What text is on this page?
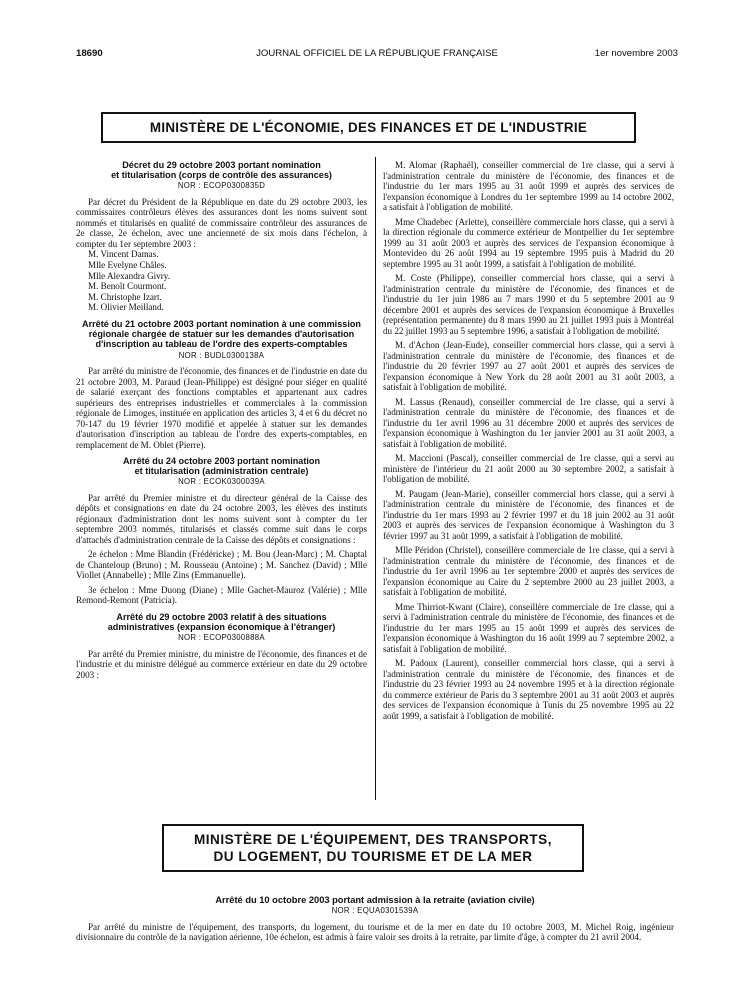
18690	JOURNAL OFFICIEL DE LA RÉPUBLIQUE FRANÇAISE	1er novembre 2003
MINISTÈRE DE L'ÉCONOMIE, DES FINANCES ET DE L'INDUSTRIE

Décret du 29 octobre 2003 portant nomination
et titularisation (corps de contrôle des assurances)

NOR : ECOP0300835D

Par décret du Président de la République en date du 29 octobre 2003, les commissaires contrôleurs élèves des assurances dont les noms suivent sont nommés et titularisés en qualité de commissaire contrôleur des assurances de 2e classe, 2e échelon, avec une ancienneté de six mois dans l'échelon, à compter du 1er septembre 2003 :

M. Vincent Damas.
Mlle Evelyne Châles.
Mlle Alexandra Givry.
M. Benoît Courmont.
M. Christophe Izart.
M. Olivier Meilland.

Arrêté du 21 octobre 2003 portant nomination à une commission régionale chargée de statuer sur les demandes d'autorisation d'inscription au tableau de l'ordre des experts-comptables

NOR : BUDL0300138A

Par arrêté du ministre de l'économie, des finances et de l'industrie en date du 21 octobre 2003, M. Paraud (Jean-Philippe) est désigné pour siéger en qualité de salarié exerçant des fonctions comptables et appartenant aux cadres supérieurs des entreprises industrielles et commerciales à la commission régionale de Limoges, instituée en application des articles 3, 4 et 6 du décret no 70-147 du 19 février 1970 modifié et appelée à statuer sur les demandes d'autorisation d'inscription au tableau de l'ordre des experts-comptables, en remplacement de M. Oblet (Pierre).

Arrêté du 24 octobre 2003 portant nomination
et titularisation (administration centrale)

NOR : ECOK0300039A

Par arrêté du Premier ministre et du directeur général de la Caisse des dépôts et consignations en date du 24 octobre 2003, les élèves des instituts régionaux d'administration dont les noms suivent sont à compter du 1er septembre 2003 nommés, titularisés et classés comme suit dans le corps d'attachés d'administration centrale de la Caisse des dépôts et consignations :

2e échelon : Mme Blandin (Frédéricke) ; M. Bou (Jean-Marc) ; M. Chaptal de Chanteloup (Bruno) ; M. Rousseau (Antoine) ; M. Sanchez (David) ; Mlle Viollet (Annabelle) ; Mlle Zins (Emmanuelle).

3e échelon : Mme Duong (Diane) ; Mlle Gachet-Mauroz (Valérie) ; Mlle Remond-Remont (Patricia).

Arrêté du 29 octobre 2003 relatif à des situations
administratives (expansion économique à l'étranger)

NOR : ECOP0300888A

Par arrêté du Premier ministre, du ministre de l'économie, des finances et de l'industrie et du ministre délégué au commerce extérieur en date du 29 octobre 2003 :

M. Alomar (Raphaël), conseiller commercial de 1re classe, qui a servi à l'administration centrale du ministère de l'économie, des finances et de l'industrie du 1er mars 1995 au 31 août 1999 et auprès des services de l'expansion économique à Londres du 1er septembre 1999 au 14 octobre 2002, a satisfait à l'obligation de mobilité.

Mme Chadebec (Arlette), conseillère commerciale hors classe, qui a servi à la direction régionale du commerce extérieur de Montpellier du 1er septembre 1999 au 31 août 2003 et auprès des services de l'expansion économique à Montevideo du 26 août 1994 au 19 septembre 1995 puis à Madrid du 20 septembre 1995 au 31 août 1999, a satisfait à l'obligation de mobilité.

M. Coste (Philippe), conseiller commercial hors classe, qui a servi à l'administration centrale du ministère de l'économie, des finances et de l'industrie du 1er juin 1986 au 7 mars 1990 et du 5 septembre 2001 au 9 décembre 2001 et auprès des services de l'expansion économique à Bruxelles (représentation permanente) du 8 mars 1990 au 21 juillet 1993 puis à Montréal du 22 juillet 1993 au 5 septembre 1996, a satisfait à l'obligation de mobilité.

M. d'Achon (Jean-Eude), conseiller commercial hors classe, qui a servi à l'administration centrale du ministère de l'économie, des finances et de l'industrie du 20 février 1997 au 27 août 2001 et auprès des services de l'expansion économique à New York du 28 août 2001 au 31 août 2003, a satisfait à l'obligation de mobilité.

M. Lassus (Renaud), conseiller commercial de 1re classe, qui a servi à l'administration centrale du ministère de l'économie, des finances et de l'industrie du 1er avril 1996 au 31 décembre 2000 et auprès des services de l'expansion économique à Washington du 1er janvier 2001 au 31 août 2003, a satisfait à l'obligation de mobilité.

M. Maccioni (Pascal), conseiller commercial de 1re classe, qui a servi au ministère de l'intérieur du 21 août 2000 au 30 septembre 2002, a satisfait à l'obligation de mobilité.

M. Paugam (Jean-Marie), conseiller commercial hors classe, qui a servi à l'administration centrale du ministère de l'économie, des finances et de l'industrie du 1er mars 1993 au 2 février 1997 et du 18 juin 2002 au 31 août 2003 et auprès des services de l'expansion économique à Washington du 3 février 1997 au 31 août 1999, a satisfait à l'obligation de mobilité.

Mlle Péridon (Christel), conseillère commerciale de 1re classe, qui a servi à l'administration centrale du ministère de l'économie, des finances et de l'industrie du 1er avril 1996 au 1er septembre 2000 et auprès des services de l'expansion économique au Caire du 2 septembre 2000 au 23 juillet 2003, a satisfait à l'obligation de mobilité.

Mme Thirriot-Kwant (Claire), conseillère commerciale de 1re classe, qui a servi à l'administration centrale du ministère de l'économie, des finances et de l'industrie du 1er mars 1995 au 15 août 1999 et auprès des services de l'expansion économique à Washington du 16 août 1999 au 7 septembre 2002, a satisfait à l'obligation de mobilité.

M. Padoux (Laurent), conseiller commercial hors classe, qui a servi à l'administration centrale du ministère de l'économie, des finances et de l'industrie du 23 février 1993 au 24 novembre 1995 et à la direction régionale du commerce extérieur de Paris du 3 septembre 2001 au 31 août 2003 et auprès des services de l'expansion économique à Tunis du 25 novembre 1995 au 22 août 1999, a satisfait à l'obligation de mobilité.

MINISTÈRE DE L'ÉQUIPEMENT, DES TRANSPORTS,
DU LOGEMENT, DU TOURISME ET DE LA MER

Arrêté du 10 octobre 2003 portant admission à la retraite (aviation civile)

NOR : EQUA0301539A

Par arrêté du ministre de l'équipement, des transports, du logement, du tourisme et de la mer en date du 10 octobre 2003, M. Michel Roig, ingénieur divisionnaire du contrôle de la navigation aérienne, 10e échelon, est admis à faire valoir ses droits à la retraite, par limite d'âge, à compter du 21 avril 2004.
